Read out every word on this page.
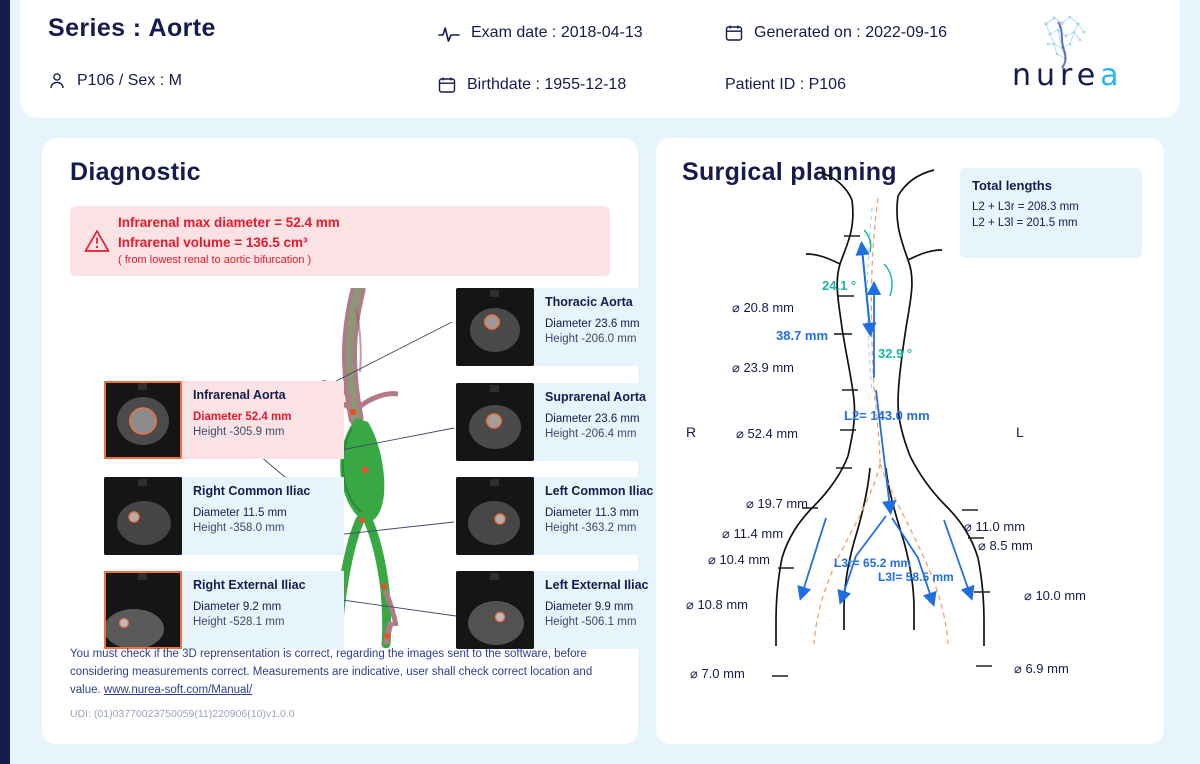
Series : Aorte
P106 / Sex : M
Exam date : 2018-04-13
Birthdate : 1955-12-18
Generated on : 2022-09-16
Patient ID : P106	nurea
Diagnostic
Infrarenal max diameter = 52.4 mm
Infrarenal volume = 136.5 cm³
( from lowest renal to aortic bifurcation )
Infrarenal Aorta
Diameter 52.4 mm
Height -305.9 mm
Thoracic Aorta
Diameter 23.6 mm
Height -206.0 mm
Suprarenal Aorta
Diameter 23.6 mm
Height -206.4 mm
Right Common Iliac
Diameter 11.5 mm
Height -358.0 mm
Left Common Iliac
Diameter 11.3 mm
Height -363.2 mm
Right External Iliac
Diameter 9.2 mm
Height -528.1 mm
Left External Iliac
Diameter 9.9 mm
Height -506.1 mm
You must check if the 3D reprensentation is correct, regarding the images sent to the software, before considering measurements correct. Measurements are indicative, user shall check correct location and value. www.nurea-soft.com/Manual/
UDI: (01)03770023750059(11)220906(10)v1.0.0
Surgical planning	Total lengths
L2 + L3r = 208.3 mm
L2 + L3l = 201.5 mm
R	L
⌀ 20.8 mm
⌀ 23.9 mm
⌀ 52.4 mm
⌀ 19.7 mm
⌀ 11.4 mm
⌀ 10.4 mm
⌀ 10.8 mm
⌀ 7.0 mm
⌀ 11.0 mm
⌀ 8.5 mm
⌀ 10.0 mm
⌀ 6.9 mm
24.1 °
32.9 °
38.7 mm
L2= 143.0 mm
L3r= 65.2 mm
L3l= 58.5 mm
